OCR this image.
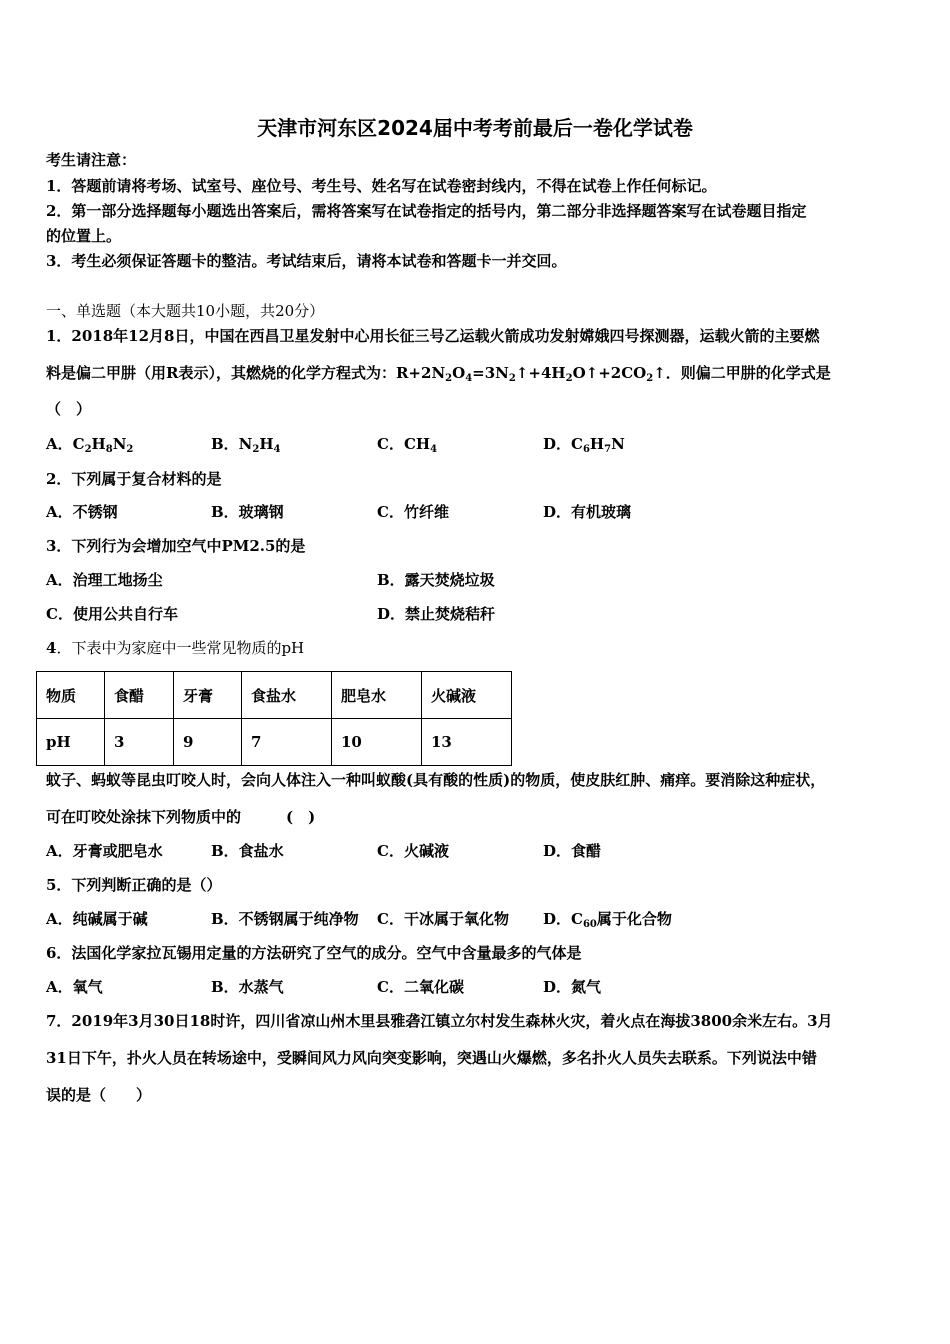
天津市河东区2024届中考考前最后一卷化学试卷
考生请注意：
1．答题前请将考场、试室号、座位号、考生号、姓名写在试卷密封线内，不得在试卷上作任何标记。
2．第一部分选择题每小题选出答案后，需将答案写在试卷指定的括号内，第二部分非选择题答案写在试卷题目指定
的位置上。
3．考生必须保证答题卡的整洁。考试结束后，请将本试卷和答题卡一并交回。
一、单选题（本大题共10小题，共20分）
1．2018年12月8日，中国在西昌卫星发射中心用长征三号乙运载火箭成功发射嫦娥四号探测器，运载火箭的主要燃
料是偏二甲肼（用R表示），其燃烧的化学方程式为：$R+2N_2O_4=3N_2↑+4H_2O↑+2CO_2↑$．则偏二甲肼的化学式是
（　）
A．$C_2H_8N_2$	B．$N_2H_4$	C．$CH_4$	D．$C_6H_7N$
2．下列属于复合材料的是
A．不锈钢	B．玻璃钢	C．竹纤维	D．有机玻璃
3．下列行为会增加空气中PM2.5的是
A．治理工地扬尘	B．露天焚烧垃圾
C．使用公共自行车	D．禁止焚烧秸秆
4．下表中为家庭中一些常见物质的pH
物质	食醋	牙膏	食盐水	肥皂水	火碱液
pH	3	9	7	10	13
蚊子、蚂蚁等昆虫叮咬人时，会向人体注入一种叫蚁酸(具有酸的性质)的物质，使皮肤红肿、痛痒。要消除这种症状，
可在叮咬处涂抹下列物质中的　　　(　)
A．牙膏或肥皂水	B．食盐水	C．火碱液	D．食醋
5．下列判断正确的是（）
A．纯碱属于碱	B．不锈钢属于纯净物 C．干冰属于氧化物 D．$C_{60}$属于化合物
6．法国化学家拉瓦锡用定量的方法研究了空气的成分。空气中含量最多的气体是
A．氧气	B．水蒸气	C．二氧化碳	D．氮气
7．2019年3月30日18时许，四川省凉山州木里县雅砻江镇立尔村发生森林火灾，着火点在海拔3800余米左右。3月
31日下午，扑火人员在转场途中，受瞬间风力风向突变影响，突遇山火爆燃，多名扑火人员失去联系。下列说法中错
误的是（　　）
